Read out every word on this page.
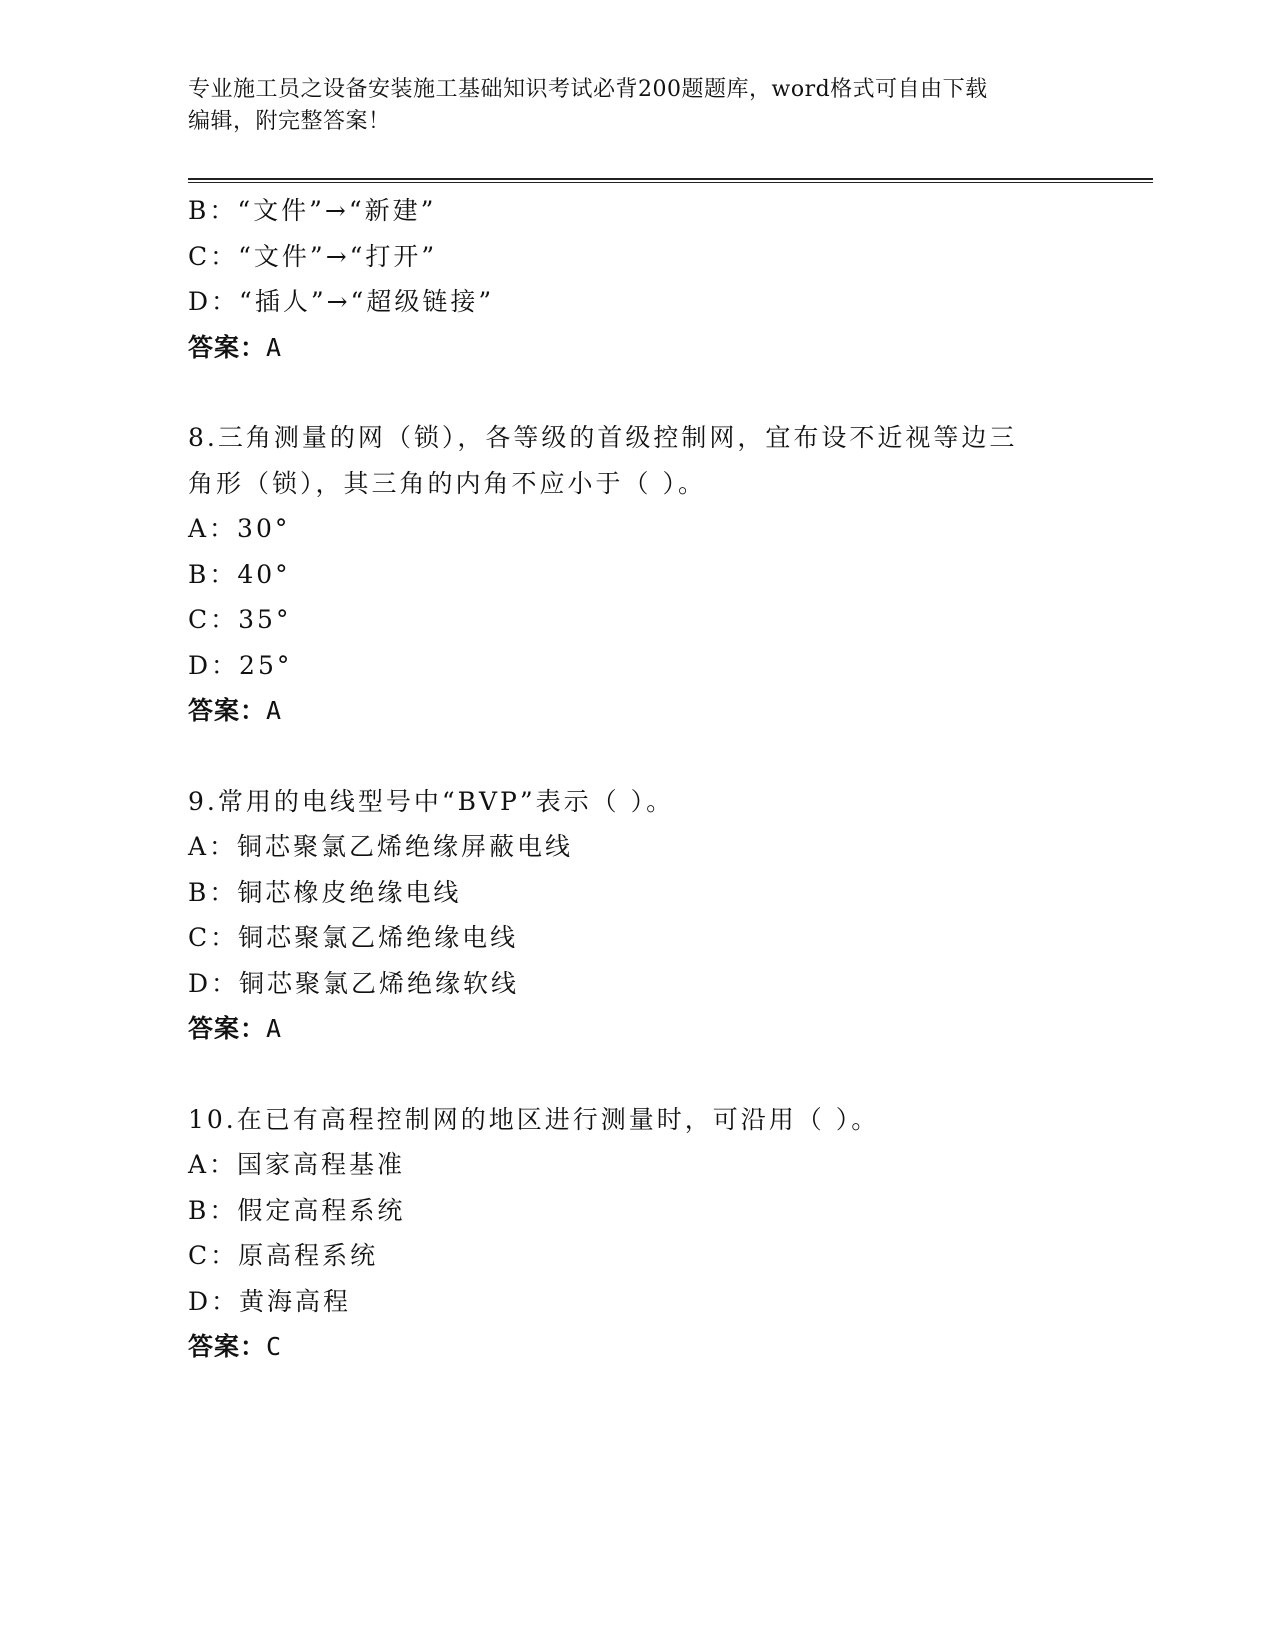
专业施工员之设备安装施工基础知识考试必背200题题库，word格式可自由下载
编辑，附完整答案！
B：“文件”→“新建”
C：“文件”→“打开”
D：“插人”→“超级链接”
答案：A
8.三角测量的网（锁），各等级的首级控制网，宜布设不近视等边三
角形（锁），其三角的内角不应小于（ ）。
A：30°
B：40°
C：35°
D：25°
答案：A
9.常用的电线型号中“BVP”表示（ ）。
A：铜芯聚氯乙烯绝缘屏蔽电线
B：铜芯橡皮绝缘电线
C：铜芯聚氯乙烯绝缘电线
D：铜芯聚氯乙烯绝缘软线
答案：A
10.在已有高程控制网的地区进行测量时，可沿用（ ）。
A：国家高程基准
B：假定高程系统
C：原高程系统
D：黄海高程
答案：C
